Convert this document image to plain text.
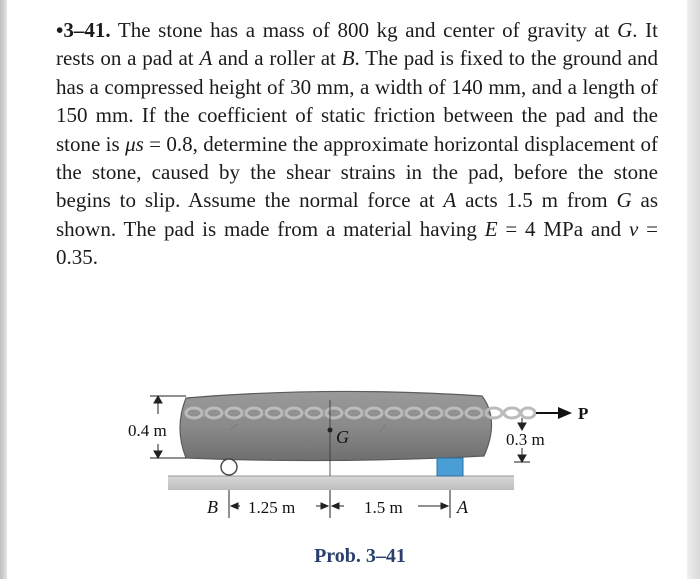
•3–41. The stone has a mass of 800 kg and center of gravity at G. It rests on a pad at A and a roller at B. The pad is fixed to the ground and has a compressed height of 30 mm, a width of 140 mm, and a length of 150 mm. If the coefficient of static friction between the pad and the stone is μs = 0.8, determine the approximate horizontal displacement of the stone, caused by the shear strains in the pad, before the stone begins to slip. Assume the normal force at A acts 1.5 m from G as shown. The pad is made from a material having E = 4 MPa and ν = 0.35.
P
G
0.4 m	0.3 m
B 1.25 m	1.5 m	A
Prob. 3–41
